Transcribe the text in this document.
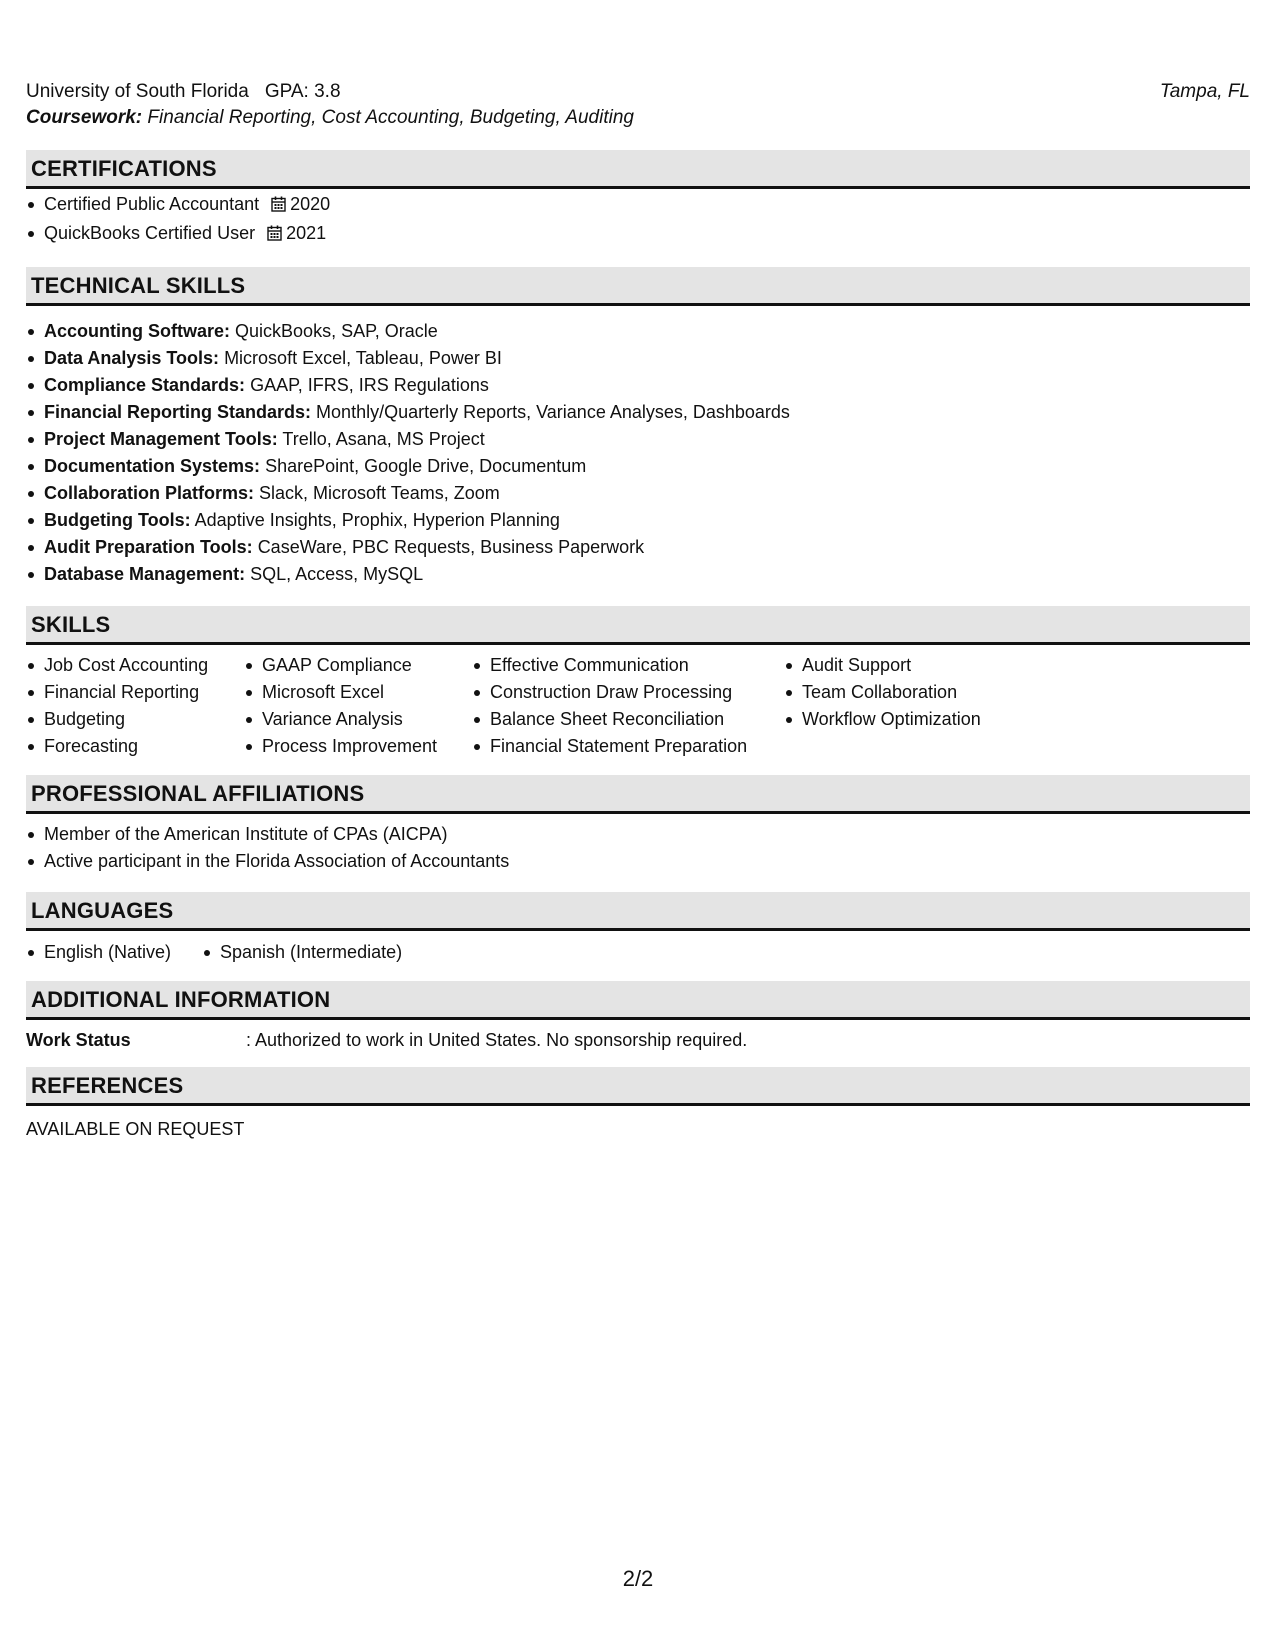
University of South Florida GPA: 3.8	Tampa, FL
Coursework: Financial Reporting, Cost Accounting, Budgeting, Auditing
CERTIFICATIONS
Certified Public Accountant 2020
QuickBooks Certified User 2021
TECHNICAL SKILLS
Accounting Software: QuickBooks, SAP, Oracle
Data Analysis Tools: Microsoft Excel, Tableau, Power BI
Compliance Standards: GAAP, IFRS, IRS Regulations
Financial Reporting Standards: Monthly/Quarterly Reports, Variance Analyses, Dashboards
Project Management Tools: Trello, Asana, MS Project
Documentation Systems: SharePoint, Google Drive, Documentum
Collaboration Platforms: Slack, Microsoft Teams, Zoom
Budgeting Tools: Adaptive Insights, Prophix, Hyperion Planning
Audit Preparation Tools: CaseWare, PBC Requests, Business Paperwork
Database Management: SQL, Access, MySQL
SKILLS
Job Cost Accounting
Financial Reporting
Budgeting
Forecasting
GAAP Compliance
Microsoft Excel
Variance Analysis
Process Improvement
Effective Communication
Construction Draw Processing
Balance Sheet Reconciliation
Financial Statement Preparation
Audit Support
Team Collaboration
Workflow Optimization
PROFESSIONAL AFFILIATIONS
Member of the American Institute of CPAs (AICPA)
Active participant in the Florida Association of Accountants
LANGUAGES
English (Native)	Spanish (Intermediate)
ADDITIONAL INFORMATION
Work Status	: Authorized to work in United States. No sponsorship required.
REFERENCES
AVAILABLE ON REQUEST
2/2
